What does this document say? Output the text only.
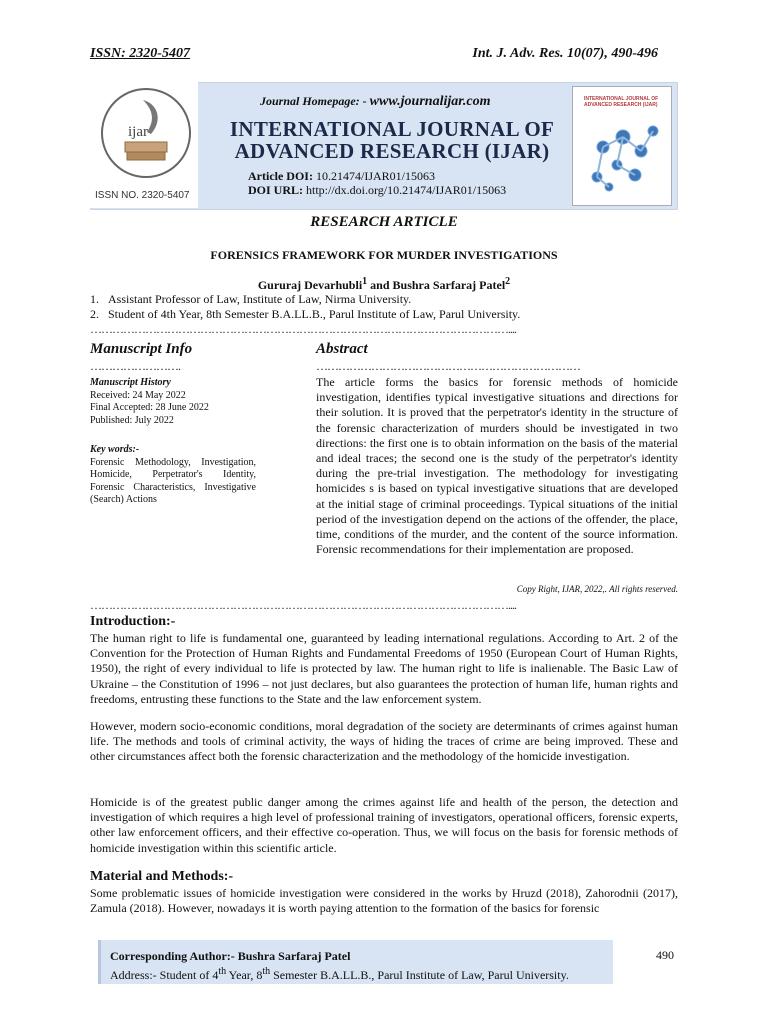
ISSN: 2320-5407	Int. J. Adv. Res. 10(07), 490-496
ijar
ISSN NO. 2320-5407
Journal Homepage: - www.journalijar.com
INTERNATIONAL JOURNAL OF
ADVANCED RESEARCH (IJAR)
Article DOI: 10.21474/IJAR01/15063
DOI URL: http://dx.doi.org/10.21474/IJAR01/15063
INTERNATIONAL JOURNAL OF ADVANCED RESEARCH (IJAR)
RESEARCH ARTICLE
FORENSICS FRAMEWORK FOR MURDER INVESTIGATIONS
Gururaj Devarhubli$^1$ and Bushra Sarfaraj Patel$^2$
1.   Assistant Professor of Law, Institute of Law, Nirma University.
2.   Student of 4th Year, 8th Semester B.A.LL.B., Parul Institute of Law, Parul University.
……………………………………………………………………………………………………....
Manuscript Info
…………………….
Manuscript History
Received: 24 May 2022
Final Accepted: 28 June 2022
Published: July 2022
Key words:-
Forensic Methodology, Investigation, Homicide, Perpetrator's Identity, Forensic Characteristics, Investigative (Search) Actions
Abstract
………………………………………………………………
The article forms the basics for forensic methods of homicide investigation, identifies typical investigative situations and directions for their solution. It is proved that the perpetrator's identity in the structure of the forensic characterization of murders should be investigated in two directions: the first one is to obtain information on the basis of the material and ideal traces; the second one is the study of the perpetrator's identity during the pre-trial investigation. The methodology for investigating homicides s is based on typical investigative situations that are developed at the initial stage of criminal proceedings. Typical situations of the initial period of the investigation depend on the actions of the offender, the place, time, conditions of the murder, and the content of the source information. Forensic recommendations for their implementation are proposed.
Copy Right, IJAR, 2022,. All rights reserved.
……………………………………………………………………………………………………....
Introduction:-
The human right to life is fundamental one, guaranteed by leading international regulations. According to Art. 2 of the Convention for the Protection of Human Rights and Fundamental Freedoms of 1950 (European Court of Human Rights, 1950), the right of every individual to life is protected by law. The human right to life is inalienable. The Basic Law of Ukraine – the Constitution of 1996 – not just declares, but also guarantees the protection of human life, human rights and freedoms, entrusting these functions to the State and the law enforcement system.
However, modern socio-economic conditions, moral degradation of the society are determinants of crimes against human life. The methods and tools of criminal activity, the ways of hiding the traces of crime are being improved. These and other circumstances affect both the forensic characterization and the methodology of the homicide investigation.
Homicide is of the greatest public danger among the crimes against life and health of the person, the detection and investigation of which requires a high level of professional training of investigators, operational officers, forensic experts, other law enforcement officers, and their effective co-operation. Thus, we will focus on the basis for forensic methods of homicide investigation within this scientific article.
Material and Methods:-
Some problematic issues of homicide investigation were considered in the works by Hruzd (2018), Zahorodnii (2017), Zamula (2018). However, nowadays it is worth paying attention to the formation of the basics for forensic
Corresponding Author:- Bushra Sarfaraj Patel
Address:- Student of 4th Year, 8th Semester B.A.LL.B., Parul Institute of Law, Parul University.
490
